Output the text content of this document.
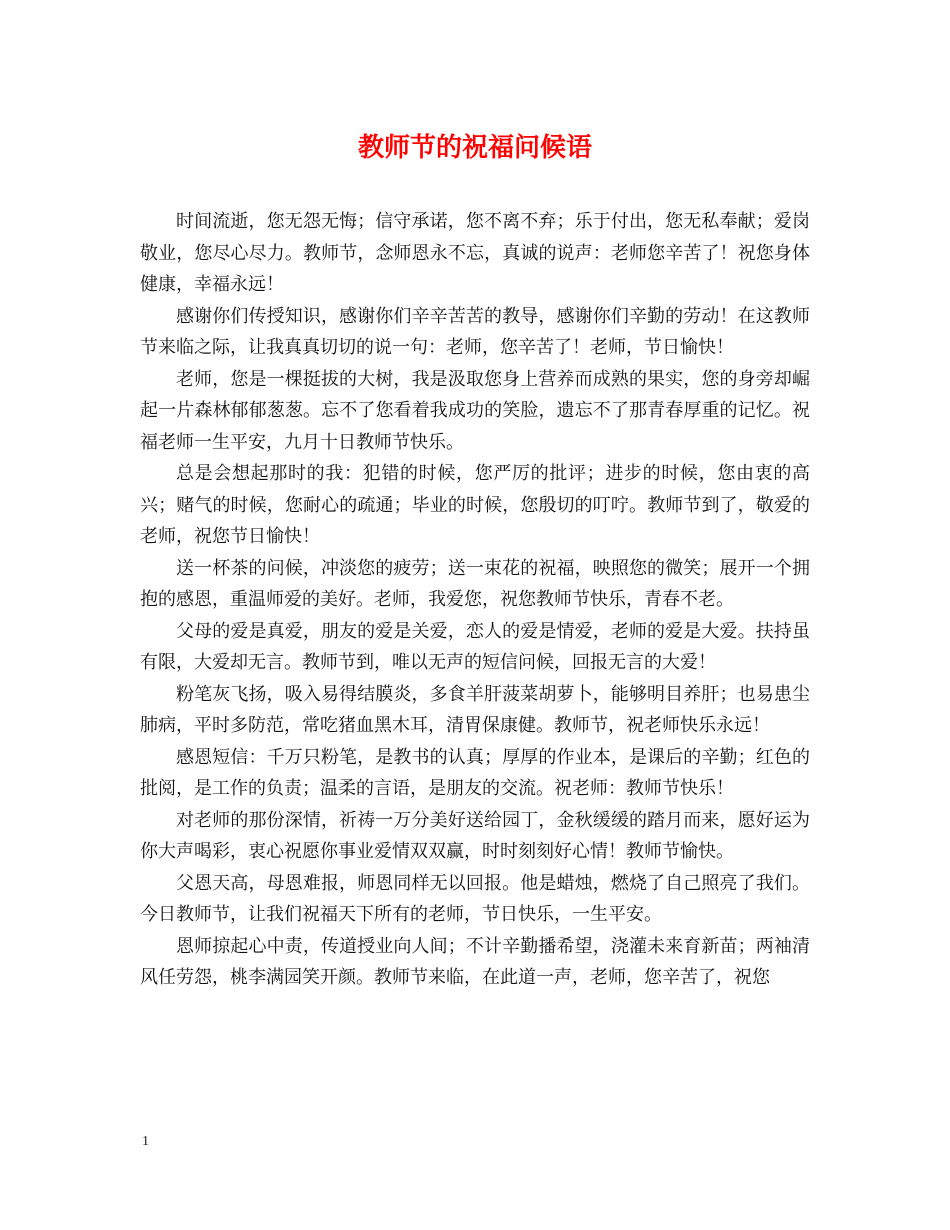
教师节的祝福问候语

时间流逝，您无怨无悔；信守承诺，您不离不弃；乐于付出，您无私奉献；爱岗敬业，您尽心尽力。教师节，念师恩永不忘，真诚的说声：老师您辛苦了！祝您身体健康，幸福永远！

感谢你们传授知识，感谢你们辛辛苦苦的教导，感谢你们辛勤的劳动！在这教师节来临之际，让我真真切切的说一句：老师，您辛苦了！老师，节日愉快！

老师，您是一棵挺拔的大树，我是汲取您身上营养而成熟的果实，您的身旁却崛起一片森林郁郁葱葱。忘不了您看着我成功的笑脸，遗忘不了那青春厚重的记忆。祝福老师一生平安，九月十日教师节快乐。

总是会想起那时的我：犯错的时候，您严厉的批评；进步的时候，您由衷的高兴；赌气的时候，您耐心的疏通；毕业的时候，您殷切的叮咛。教师节到了，敬爱的老师，祝您节日愉快！

送一杯茶的问候，冲淡您的疲劳；送一束花的祝福，映照您的微笑；展开一个拥抱的感恩，重温师爱的美好。老师，我爱您，祝您教师节快乐，青春不老。

父母的爱是真爱，朋友的爱是关爱，恋人的爱是情爱，老师的爱是大爱。扶持虽有限，大爱却无言。教师节到，唯以无声的短信问候，回报无言的大爱！

粉笔灰飞扬，吸入易得结膜炎，多食羊肝菠菜胡萝卜，能够明目养肝；也易患尘肺病，平时多防范，常吃猪血黑木耳，清胃保康健。教师节，祝老师快乐永远！

感恩短信：千万只粉笔，是教书的认真；厚厚的作业本，是课后的辛勤；红色的批阅，是工作的负责；温柔的言语，是朋友的交流。祝老师：教师节快乐！

对老师的那份深情，祈祷一万分美好送给园丁，金秋缓缓的踏月而来，愿好运为你大声喝彩，衷心祝愿你事业爱情双双赢，时时刻刻好心情！教师节愉快。

父恩天高，母恩难报，师恩同样无以回报。他是蜡烛，燃烧了自己照亮了我们。今日教师节，让我们祝福天下所有的老师，节日快乐，一生平安。

恩师掠起心中责，传道授业向人间；不计辛勤播希望，浇灌未来育新苗；两袖清风任劳怨，桃李满园笑开颜。教师节来临，在此道一声，老师，您辛苦了，祝您

1
